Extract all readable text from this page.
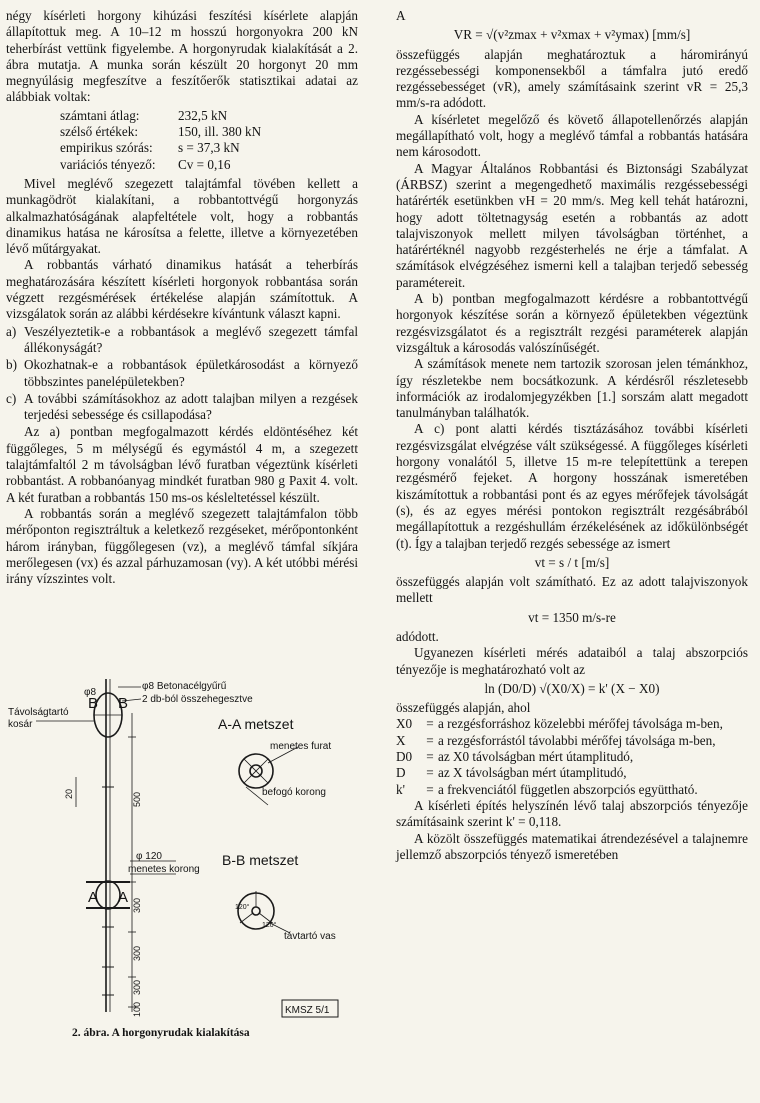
négy kísérleti horgony kihúzási feszítési kísérlete alapján állapítottuk meg. A 10–12 m hosszú horgonyokra 200 kN teherbírást vettünk figyelembe. A horgonyrudak kialakítását a 2. ábra mutatja. A munka során készült 20 horgonyt 20 mm megnyúlásig megfeszítve a feszítőerők statisztikai adatai az alábbiak voltak:

számtani átlag:	232,5 kN
szélső értékek:	150, ill. 380 kN
empirikus szórás:	s = 37,3 kN
variációs tényező:	Cv = 0,16

Mivel meglévő szegezett talajtámfal tövében kellett a munkagödröt kialakítani, a robbantottvégű horgonyzás alkalmazhatóságának alapfeltétele volt, hogy a robbantás dinamikus hatása ne károsítsa a felette, illetve a környezetében lévő műtárgyakat.

A robbantás várható dinamikus hatását a teherbírás meghatározására készített kísérleti horgonyok robbantása során végzett rezgésmérések értékelése alapján számítottuk. A vizsgálatok során az alábbi kérdésekre kívántunk választ kapni.

a) Veszélyeztetik-e a robbantások a meglévő szegezett támfal állékonyságát?
b) Okozhatnak-e a robbantások épületkárosodást a környező többszintes panelépületekben?
c) A további számításokhoz az adott talajban milyen a rezgések terjedési sebessége és csillapodása?

Az a) pontban megfogalmazott kérdés eldöntéséhez két függőleges, 5 m mélységű és egymástól 4 m, a szegezett talajtámfaltól 2 m távolságban lévő furatban végeztünk kísérleti robbantást. A robbanóanyag mindkét furatban 980 g Paxit 4. volt. A két furatban a robbantás 150 ms-os késleltetéssel készült.

A robbantás során a meglévő szegezett talajtámfalon több mérőponton regisztráltuk a keletkező rezgéseket, mérőpontonként három irányban, függőlegesen (vz), a meglévő támfal síkjára merőlegesen (vx) és azzal párhuzamosan (vy). A két utóbbi mérési irány vízszintes volt.

φ8
B B
Távolságtartó
kosár
φ8 Betonacélgyűrű
2 db-ból összehegesztve
A-A metszet
menetes furat
befogó korong
B-B metszet
φ 120
menetes korong
A A
távtartó vas
120°
120°
KMSZ 5/1
500
20
300
300
300
100
2. ábra. A horgonyrudak kialakítása

A

VR = √(v²zmax + v²xmax + v²ymax) [mm/s]

összefüggés alapján meghatároztuk a háromirányú rezgéssebességi komponensekből a támfalra jutó eredő rezgéssebességet (vR), amely számításaink szerint vR = 25,3 mm/s-ra adódott.

A kísérletet megelőző és követő állapotellenőrzés alapján megállapítható volt, hogy a meglévő támfal a robbantás hatására nem károsodott.

A Magyar Általános Robbantási és Biztonsági Szabályzat (ÁRBSZ) szerint a megengedhető maximális rezgéssebességi határérték esetünkben vH = 20 mm/s. Meg kell tehát határozni, hogy adott töltetnagyság esetén a robbantás az adott talajviszonyok mellett milyen távolságban történhet, a határértéknél nagyobb rezgésterhelés ne érje a támfalat. A számítások elvégzéséhez ismerni kell a talajban terjedő sebesség paramétereit.

A b) pontban megfogalmazott kérdésre a robbantottvégű horgonyok készítése során a környező épületekben végeztünk rezgésvizsgálatot és a regisztrált rezgési paraméterek alapján vizsgáltuk a károsodás valószínűségét.

A számítások menete nem tartozik szorosan jelen témánkhoz, így részletekbe nem bocsátkozunk. A kérdésről részletesebb információk az irodalomjegyzékben [1.] sorszám alatt megadott tanulmányban találhatók.

A c) pont alatti kérdés tisztázásához további kísérleti rezgésvizsgálat elvégzése vált szükségessé. A függőleges kísérleti horgony vonalától 5, illetve 15 m-re telepítettünk a terepen rezgésmérő fejeket. A horgony hosszának ismeretében kiszámítottuk a robbantási pont és az egyes mérőfejek távolságát (s), és az egyes mérési pontokon regisztrált rezgésábrából megállapítottuk a rezgéshullám érzékelésének az időkülönbségét (t). Így a talajban terjedő rezgés sebessége az ismert

vt = s / t [m/s]

összefüggés alapján volt számítható. Ez az adott talajviszonyok mellett

vt = 1350 m/s-re

adódott.

Ugyanezen kísérleti mérés adataiból a talaj abszorpciós tényezője is meghatározható volt az

ln (D0/D) √(X0/X) = k' (X − X0)

összefüggés alapján, ahol

X0	= a rezgésforráshoz közelebbi mérőfej távolsága m-ben,
X	= a rezgésforrástól távolabbi mérőfej távolsága m-ben,
D0	= az X0 távolságban mért útamplitudó,
D	= az X távolságban mért útamplitudó,
k'	= a frekvenciától független abszorpciós együttható.

A kísérleti építés helyszínén lévő talaj abszorpciós tényezője számításaink szerint k' = 0,118.

A közölt összefüggés matematikai átrendezésével a talajnemre jellemző abszorpciós tényező ismeretében
